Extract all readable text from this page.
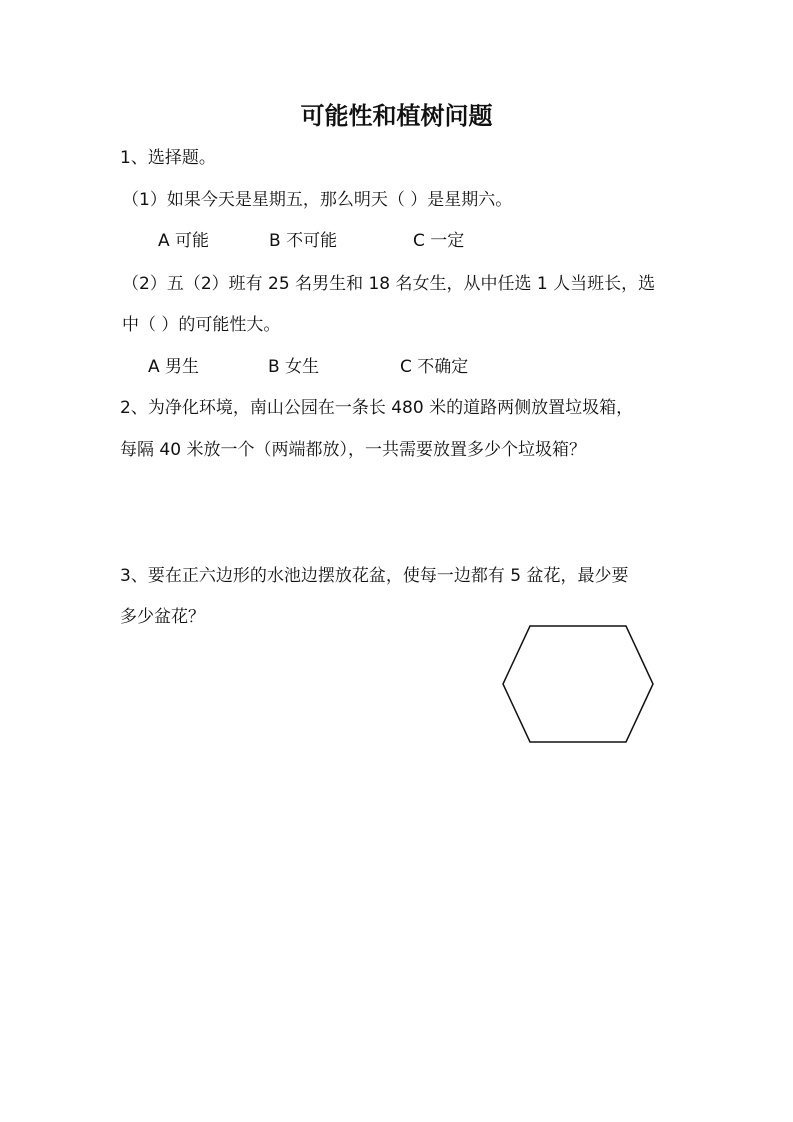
可能性和植树问题
1、选择题。
（1）如果今天是星期五，那么明天（ ）是星期六。
A 可能	B 不可能	C 一定
（2）五（2）班有 25 名男生和 18 名女生，从中任选 1 人当班长，选
中（ ）的可能性大。
A 男生	B 女生	C 不确定
2、为净化环境，南山公园在一条长 480 米的道路两侧放置垃圾箱，
每隔 40 米放一个（两端都放），一共需要放置多少个垃圾箱？
3、要在正六边形的水池边摆放花盆，使每一边都有 5 盆花，最少要
多少盆花？
